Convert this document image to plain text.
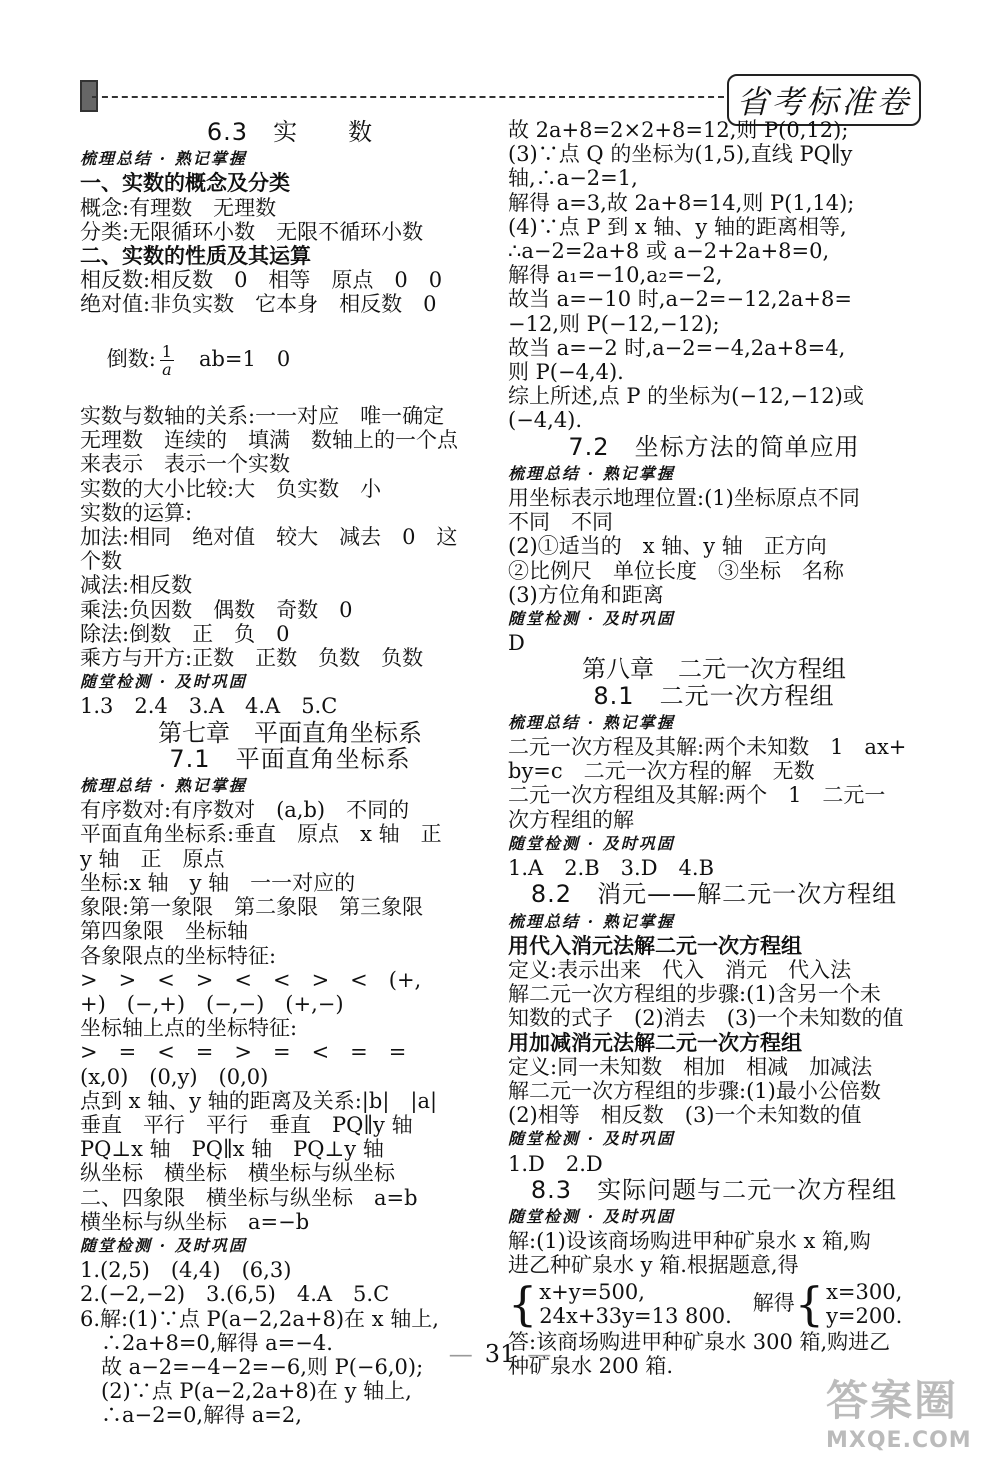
省考标准卷
6.3　实　　数
梳理总结 · 熟记掌握
一、实数的概念及分类
概念:有理数　无理数
分类:无限循环小数　无限不循环小数
二、实数的性质及其运算
相反数:相反数　0　相等　原点　0　0
绝对值:非负实数　它本身　相反数　0

倒数: $\frac{1}{a}$ 　ab=1　0

实数与数轴的关系:一一对应　唯一确定
无理数　连续的　填满　数轴上的一个点
来表示　表示一个实数
实数的大小比较:大　负实数　小
实数的运算:
加法:相同　绝对值　较大　减去　0　这
个数
减法:相反数
乘法:负因数　偶数　奇数　0
除法:倒数　正　负　0
乘方与开方:正数　正数　负数　负数
随堂检测 · 及时巩固
1.3　2.4　3.A　4.A　5.C
第七章　平面直角坐标系
7.1　平面直角坐标系
梳理总结 · 熟记掌握
有序数对:有序数对　(a,b)　不同的
平面直角坐标系:垂直　原点　x 轴　正
y 轴　正　原点
坐标:x 轴　y 轴　一一对应的
象限:第一象限　第二象限　第三象限
第四象限　坐标轴
各象限点的坐标特征:
>　>　<　>　<　<　>　<　(+,
+)　(−,+)　(−,−)　(+,−)
坐标轴上点的坐标特征:
>　=　<　=　>　=　<　=　=
(x,0)　(0,y)　(0,0)
点到 x 轴、y 轴的距离及关系:|b|　|a|
垂直　平行　平行　垂直　PQ∥y 轴
PQ⊥x 轴　PQ∥x 轴　PQ⊥y 轴
纵坐标　横坐标　横坐标与纵坐标
二、四象限　横坐标与纵坐标　a=b
横坐标与纵坐标　a=−b
随堂检测 · 及时巩固
1.(2,5)　(4,4)　(6,3)
2.(−2,−2)　3.(6,5)　4.A　5.C
6.解:(1)∵点 P(a−2,2a+8)在 x 轴上,
　∴2a+8=0,解得 a=−4.
　故 a−2=−4−2=−6,则 P(−6,0);
　(2)∵点 P(a−2,2a+8)在 y 轴上,
　∴a−2=0,解得 a=2,
故 2a+8=2×2+8=12,则 P(0,12);
(3)∵点 Q 的坐标为(1,5),直线 PQ∥y
轴,∴a−2=1,
解得 a=3,故 2a+8=14,则 P(1,14);
(4)∵点 P 到 x 轴、y 轴的距离相等,
∴a−2=2a+8 或 a−2+2a+8=0,
解得 a₁=−10,a₂=−2,
故当 a=−10 时,a−2=−12,2a+8=
−12,则 P(−12,−12);
故当 a=−2 时,a−2=−4,2a+8=4,
则 P(−4,4).
综上所述,点 P 的坐标为(−12,−12)或
(−4,4).
7.2　坐标方法的简单应用
梳理总结 · 熟记掌握
用坐标表示地理位置:(1)坐标原点不同
不同　不同
(2)①适当的　x 轴、y 轴　正方向
②比例尺　单位长度　③坐标　名称
(3)方位角和距离
随堂检测 · 及时巩固
D
第八章　二元一次方程组
8.1　二元一次方程组
梳理总结 · 熟记掌握
二元一次方程及其解:两个未知数　1　ax+
by=c　二元一次方程的解　无数
二元一次方程组及其解:两个　1　二元一
次方程组的解
随堂检测 · 及时巩固
1.A　2.B　3.D　4.B
8.2　消元——解二元一次方程组
梳理总结 · 熟记掌握
用代入消元法解二元一次方程组
定义:表示出来　代入　消元　代入法
解二元一次方程组的步骤:(1)含另一个未
知数的式子　(2)消去　(3)一个未知数的值
用加减消元法解二元一次方程组
定义:同一未知数　相加　相减　加减法
解二元一次方程组的步骤:(1)最小公倍数
(2)相等　相反数　(3)一个未知数的值
随堂检测 · 及时巩固
1.D　2.D
8.3　实际问题与二元一次方程组
随堂检测 · 及时巩固
解:(1)设该商场购进甲种矿泉水 x 箱,购
进乙种矿泉水 y 箱.根据题意,得
{ x+y=500,
24x+33y=13 800.
　解得 { x=300,
y=200.
答:该商场购进甲种矿泉水 300 箱,购进乙
种矿泉水 200 箱.
— 31 —
答案圈
MXQE.COM
